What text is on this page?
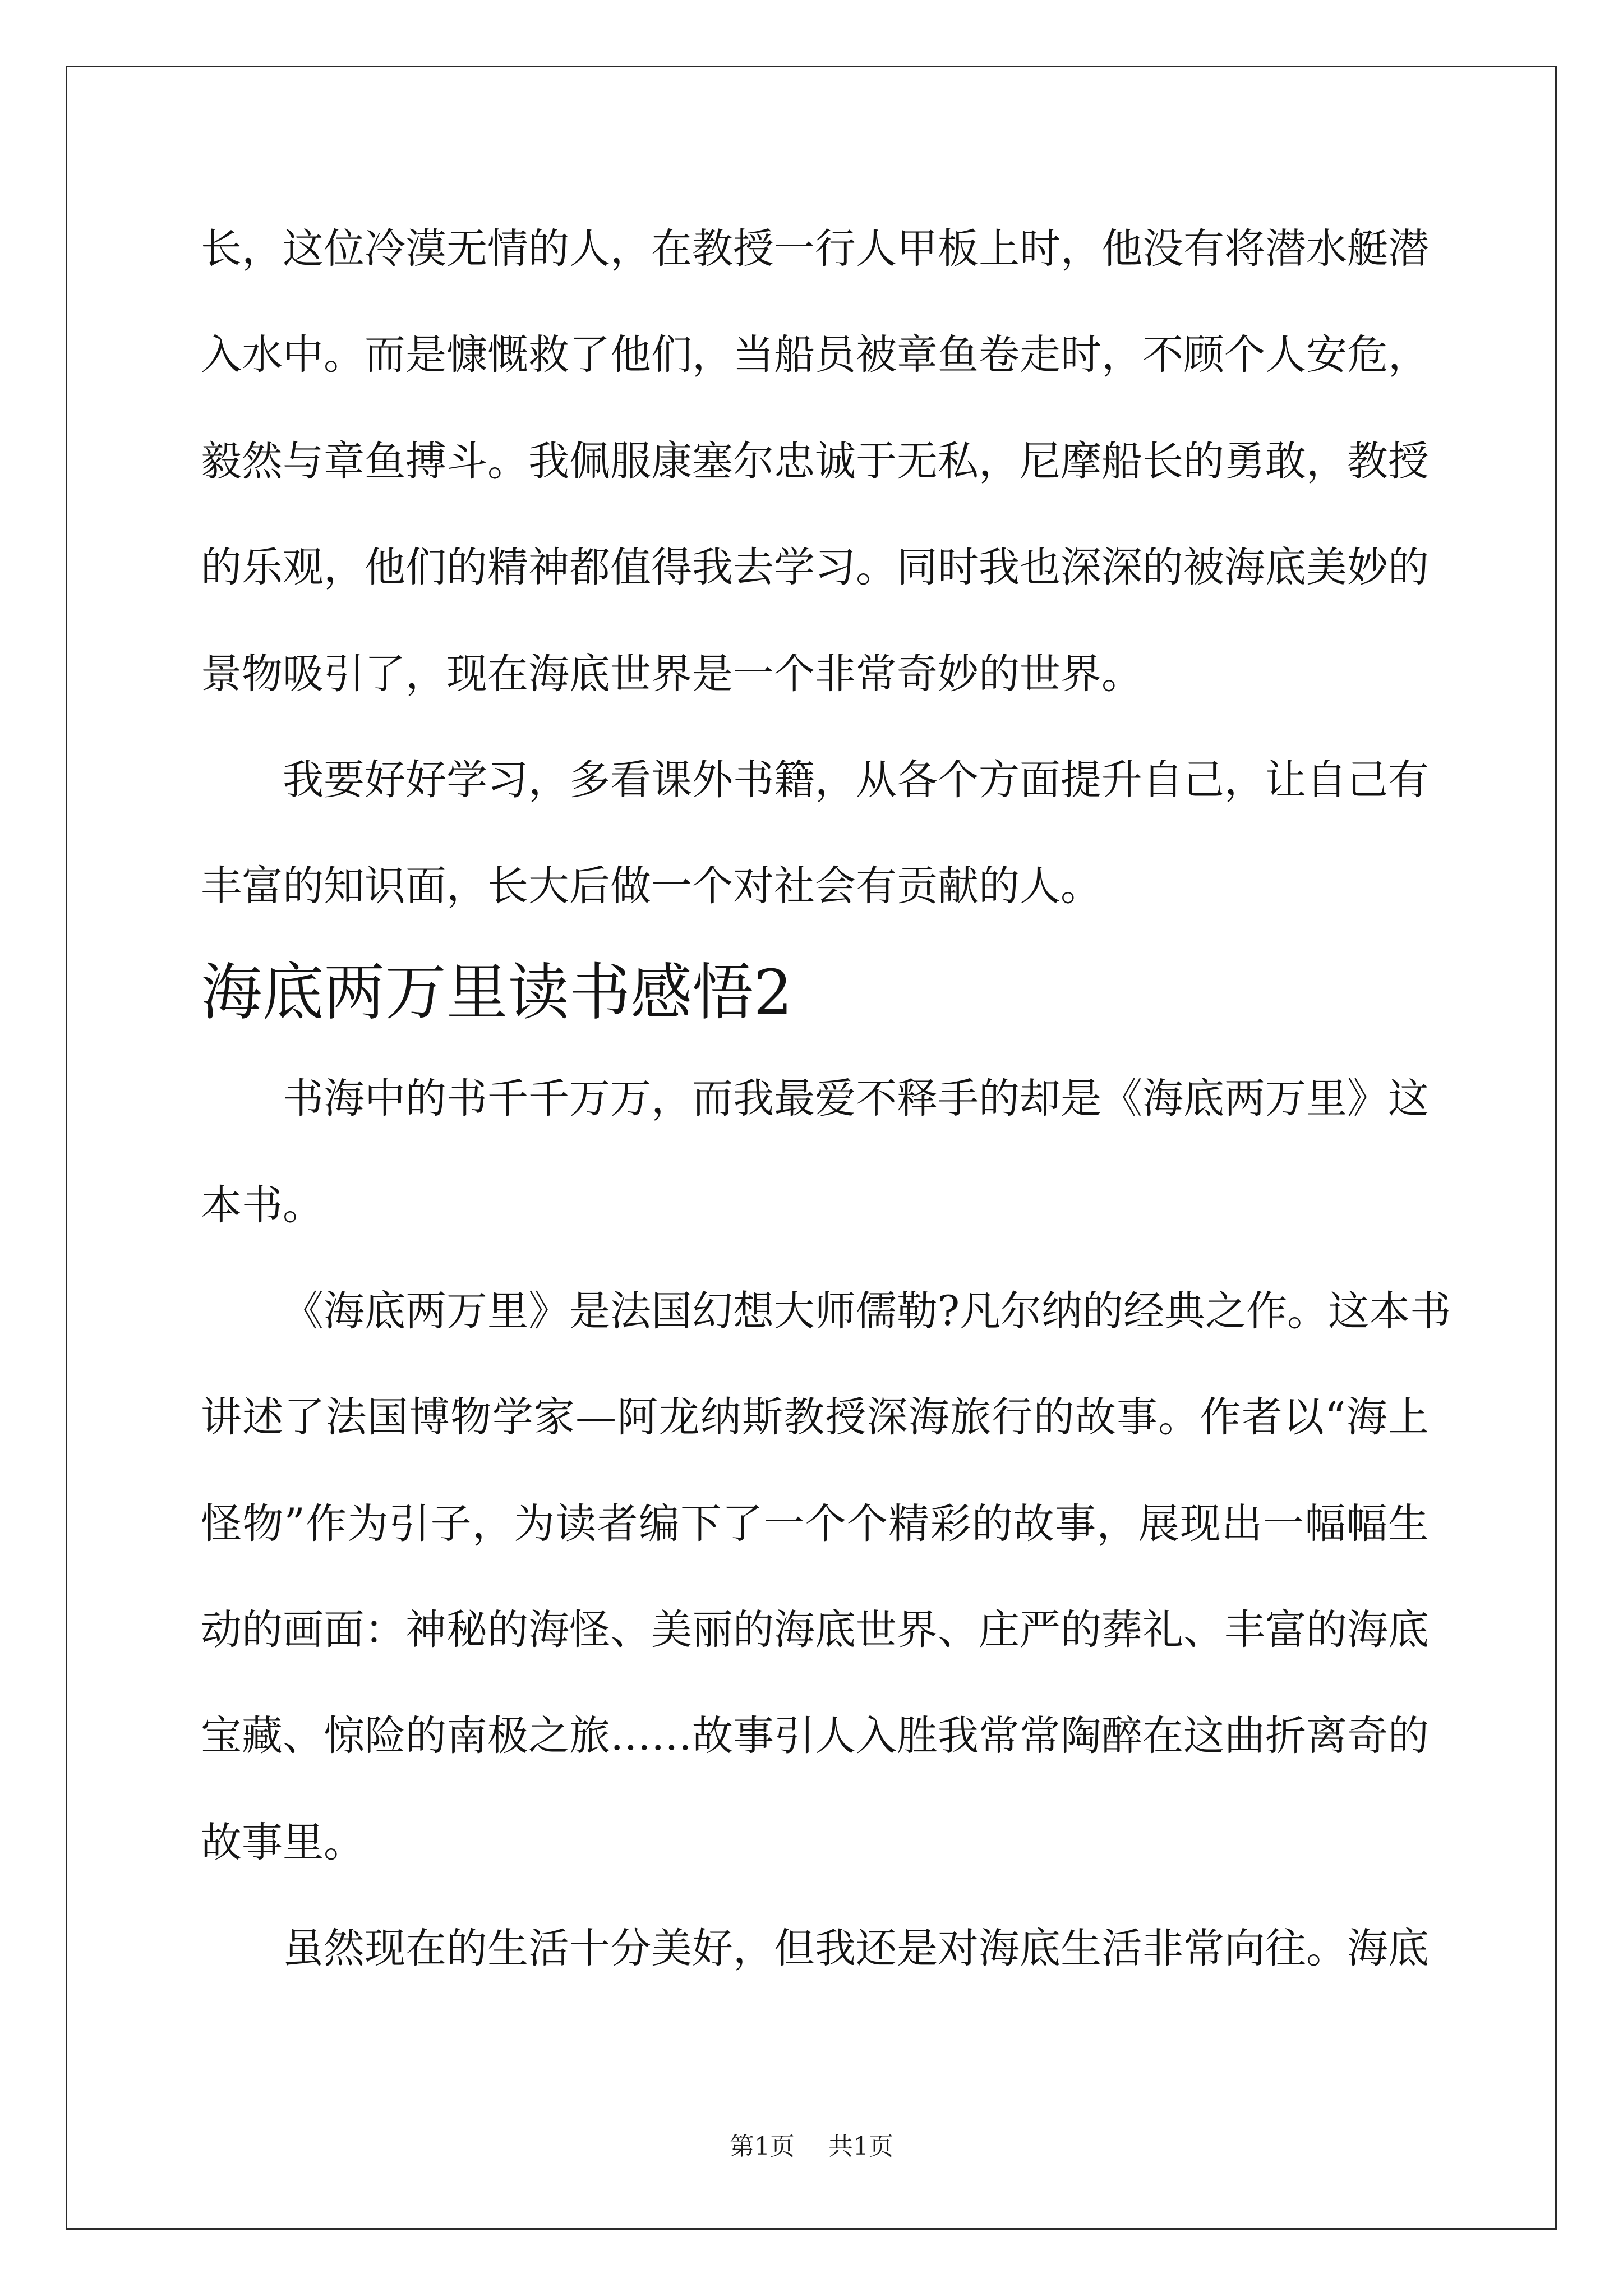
长，这位冷漠无情的人，在教授一行人甲板上时，他没有将潜水艇潜
入水中。而是慷慨救了他们，当船员被章鱼卷走时，不顾个人安危，
毅然与章鱼搏斗。我佩服康塞尔忠诚于无私，尼摩船长的勇敢，教授
的乐观，他们的精神都值得我去学习。同时我也深深的被海底美妙的
景物吸引了，现在海底世界是一个非常奇妙的世界。
我要好好学习，多看课外书籍，从各个方面提升自己，让自己有
丰富的知识面，长大后做一个对社会有贡献的人。
海底两万里读书感悟2
书海中的书千千万万，而我最爱不释手的却是《海底两万里》这
本书。
《海底两万里》是法国幻想大师儒勒?凡尔纳的经典之作。这本书
讲述了法国博物学家—阿龙纳斯教授深海旅行的故事。作者以“海上
怪物”作为引子，为读者编下了一个个精彩的故事，展现出一幅幅生
动的画面：神秘的海怪、美丽的海底世界、庄严的葬礼、丰富的海底
宝藏、惊险的南极之旅……故事引人入胜我常常陶醉在这曲折离奇的
故事里。
虽然现在的生活十分美好，但我还是对海底生活非常向往。海底
第1页 共1页
